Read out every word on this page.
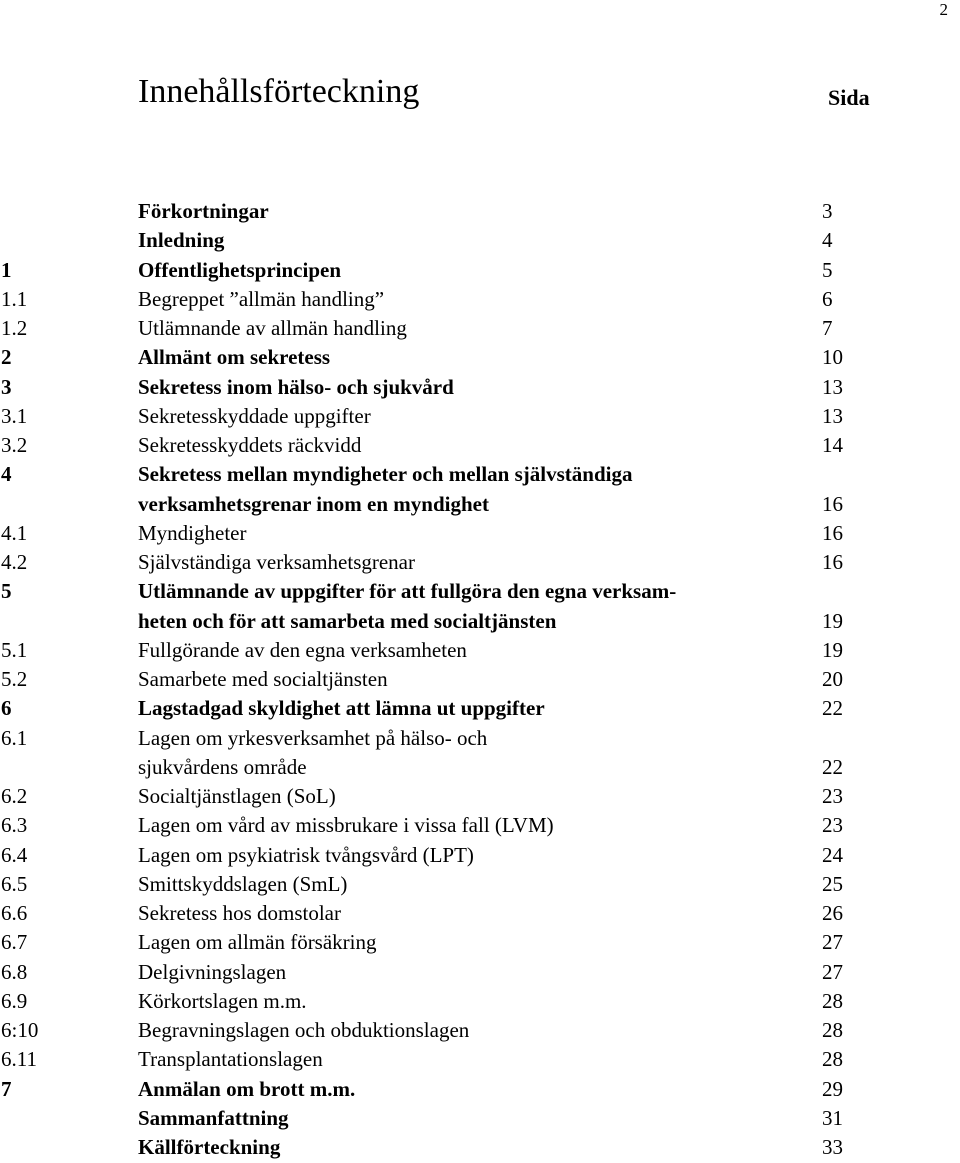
2
Innehållsförteckning	Sida
Förkortningar	3
Inledning	4
1	Offentlighetsprincipen	5
1.1	Begreppet ”allmän handling”	6
1.2	Utlämnande av allmän handling	7
2	Allmänt om sekretess	10
3	Sekretess inom hälso- och sjukvård	13
3.1	Sekretesskyddade uppgifter	13
3.2	Sekretesskyddets räckvidd	14
4	Sekretess mellan myndigheter och mellan självständiga
verksamhetsgrenar inom en myndighet	16
4.1	Myndigheter	16
4.2	Självständiga verksamhetsgrenar	16
5	Utlämnande av uppgifter för att fullgöra den egna verksam-
heten och för att samarbeta med socialtjänsten	19
5.1	Fullgörande av den egna verksamheten	19
5.2	Samarbete med socialtjänsten	20
6	Lagstadgad skyldighet att lämna ut uppgifter	22
6.1	Lagen om yrkesverksamhet på hälso- och
sjukvårdens område	22
6.2	Socialtjänstlagen (SoL)	23
6.3	Lagen om vård av missbrukare i vissa fall (LVM)	23
6.4	Lagen om psykiatrisk tvångsvård (LPT)	24
6.5	Smittskyddslagen (SmL)	25
6.6	Sekretess hos domstolar	26
6.7	Lagen om allmän försäkring	27
6.8	Delgivningslagen	27
6.9	Körkortslagen m.m.	28
6:10	Begravningslagen och obduktionslagen	28
6.11	Transplantationslagen	28
7	Anmälan om brott m.m.	29
Sammanfattning	31
Källförteckning	33
